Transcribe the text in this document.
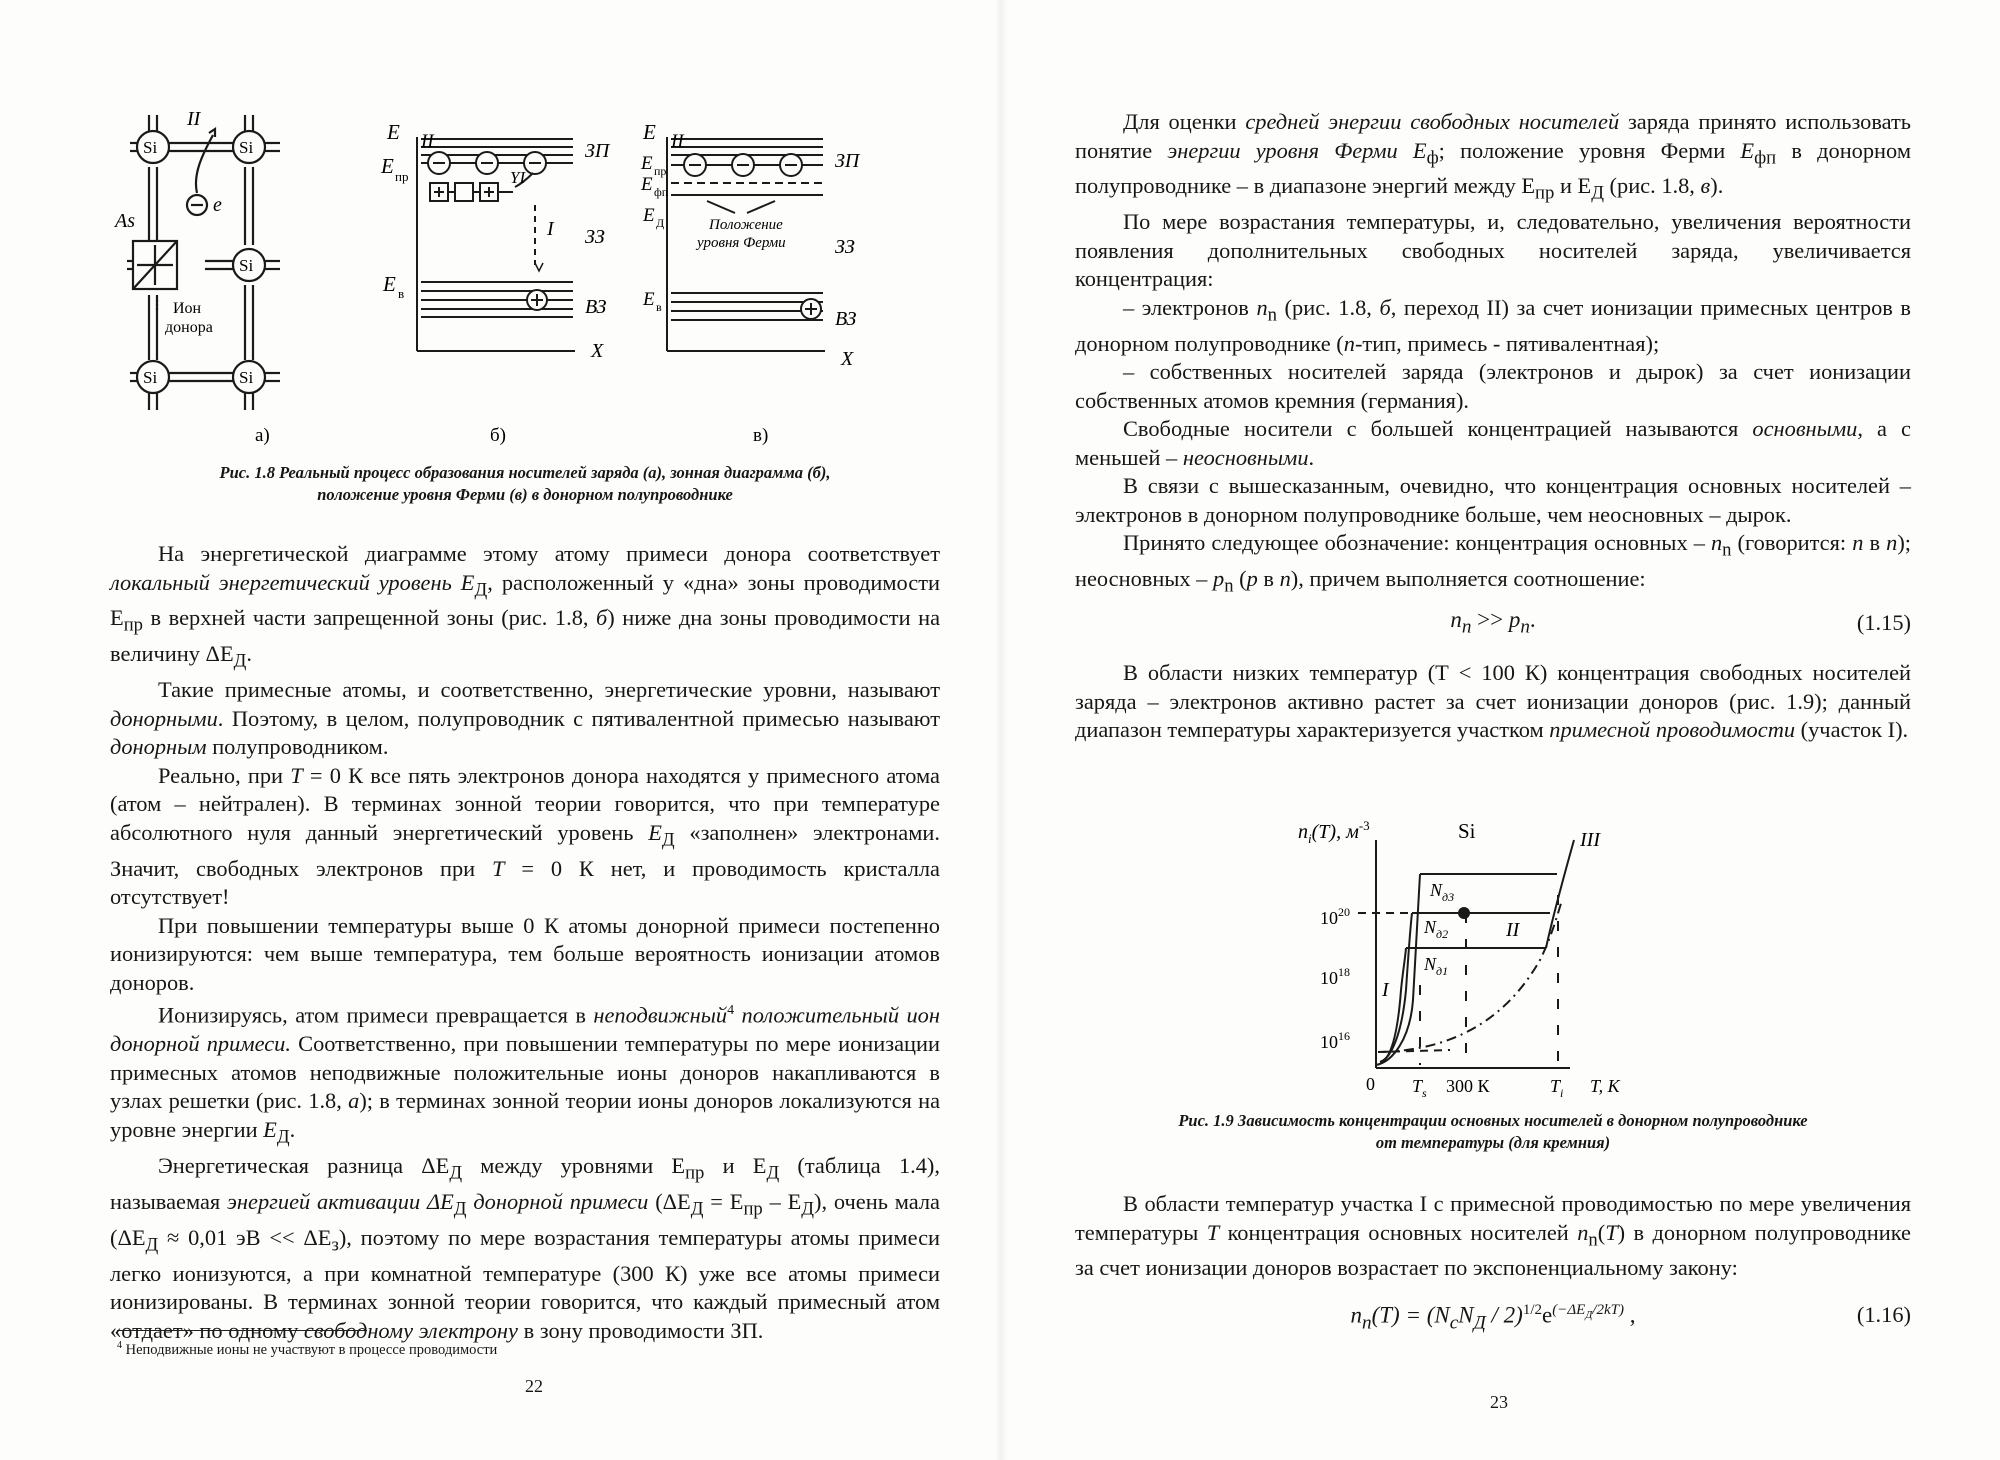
Si	Si
Si
Si	Si
As
e
II
Ион
донора
а)
E II
E пр
E в
YI
I
ЗП
ЗЗ
ВЗ
X
б)
E II
E пр
E фп
E Д
E в
Положение
уровня Ферми
ЗП
ЗЗ
ВЗ
X
в)
Рис. 1.8 Реальный процесс образования носителей заряда (а), зонная диаграмма (б),
положение уровня Ферми (в) в донорном полупроводнике

На энергетической диаграмме этому атому примеси донора соответствует локальный энергетический уровень $E_Д$, расположенный у «дна» зоны проводимости $E_{пр}$ в верхней части запрещенной зоны (рис. 1.8, б) ниже дна зоны проводимости на величину $\Delta E_Д$.

Такие примесные атомы, и соответственно, энергетические уровни, называют донорными. Поэтому, в целом, полупроводник с пятивалентной примесью называют донорным полупроводником.

Реально, при T = 0 К все пять электронов донора находятся у примесного атома (атом – нейтрален). В терминах зонной теории говорится, что при температуре абсолютного нуля данный энергетический уровень $E_Д$ «заполнен» электронами. Значит, свободных электронов при T = 0 К нет, и проводимость кристалла отсутствует!

При повышении температуры выше 0 К атомы донорной примеси постепенно ионизируются: чем выше температура, тем больше вероятность ионизации атомов доноров.

Ионизируясь, атом примеси превращается в неподвижный$^4$ положительный ион донорной примеси. Соответственно, при повышении температуры по мере ионизации примесных атомов неподвижные положительные ионы доноров накапливаются в узлах решетки (рис. 1.8, а); в терминах зонной теории ионы доноров локализуются на уровне энергии $E_Д$.

Энергетическая разница $\Delta E_Д$ между уровнями $E_{пр}$ и $E_Д$ (таблица 1.4), называемая энергией активации $\Delta E_Д$ донорной примеси $(\Delta E_Д = E_{пр} - E_Д)$, очень мала ($\Delta E_Д \approx 0,01$ эВ << $\Delta E_з$), поэтому по мере возрастания температуры атомы примеси легко ионизуются, а при комнатной температуре (300 К) уже все атомы примеси ионизированы. В терминах зонной теории говорится, что каждый примесный атом «отдает» по одному свободному электрону в зону проводимости ЗП.

$^4$ Неподвижные ионы не участвуют в процессе проводимости
22

Для оценки средней энергии свободных носителей заряда принято использовать понятие энергии уровня Ферми $E_ф$; положение уровня Ферми $E_{фп}$ в донорном полупроводнике – в диапазоне энергий между $E_{пр}$ и $E_Д$ (рис. 1.8, в).

По мере возрастания температуры, и, следовательно, увеличения вероятности появления дополнительных свободных носителей заряда, увеличивается концентрация:

– электронов $n_n$ (рис. 1.8, б, переход II) за счет ионизации примесных центров в донорном полупроводнике (n-тип, примесь - пятивалентная);

– собственных носителей заряда (электронов и дырок) за счет ионизации собственных атомов кремния (германия).

Свободные носители с большей концентрацией называются основными, а с меньшей – неосновными.

В связи с вышесказанным, очевидно, что концентрация основных носителей – электронов в донорном полупроводнике больше, чем неосновных – дырок.

Принято следующее обозначение: концентрация основных – $n_n$ (говорится: n в n); неосновных – $p_n$ (p в n), причем выполняется соотношение:

$n_n >> p_n$.	(1.15)

В области низких температур (Т < 100 К) концентрация свободных носителей заряда – электронов активно растет за счет ионизации доноров (рис. 1.9); данный диапазон температуры характеризуется участком примесной проводимости (участок I).

$n_i(T)$, $м^{-3}$	Si	III
$10^{20}$
$10^{18}$
$10^{16}$
$N_{д3}$
$N_{д2}$
$N_{д1}$
I
II
0 $T_s$ 300 К	$T_i$ T, K
Рис. 1.9 Зависимость концентрации основных носителей в донорном полупроводнике
от температуры (для кремния)

В области температур участка I с примесной проводимостью по мере увеличения температуры T концентрация основных носителей $n_n(T)$ в донорном полупроводнике за счет ионизации доноров возрастает по экспоненциальному закону:

$n_n(T) = (N_cN_Д / 2)^{1/2}e^{(-\Delta E_Д/2kT)}$ ,	(1.16)
23
